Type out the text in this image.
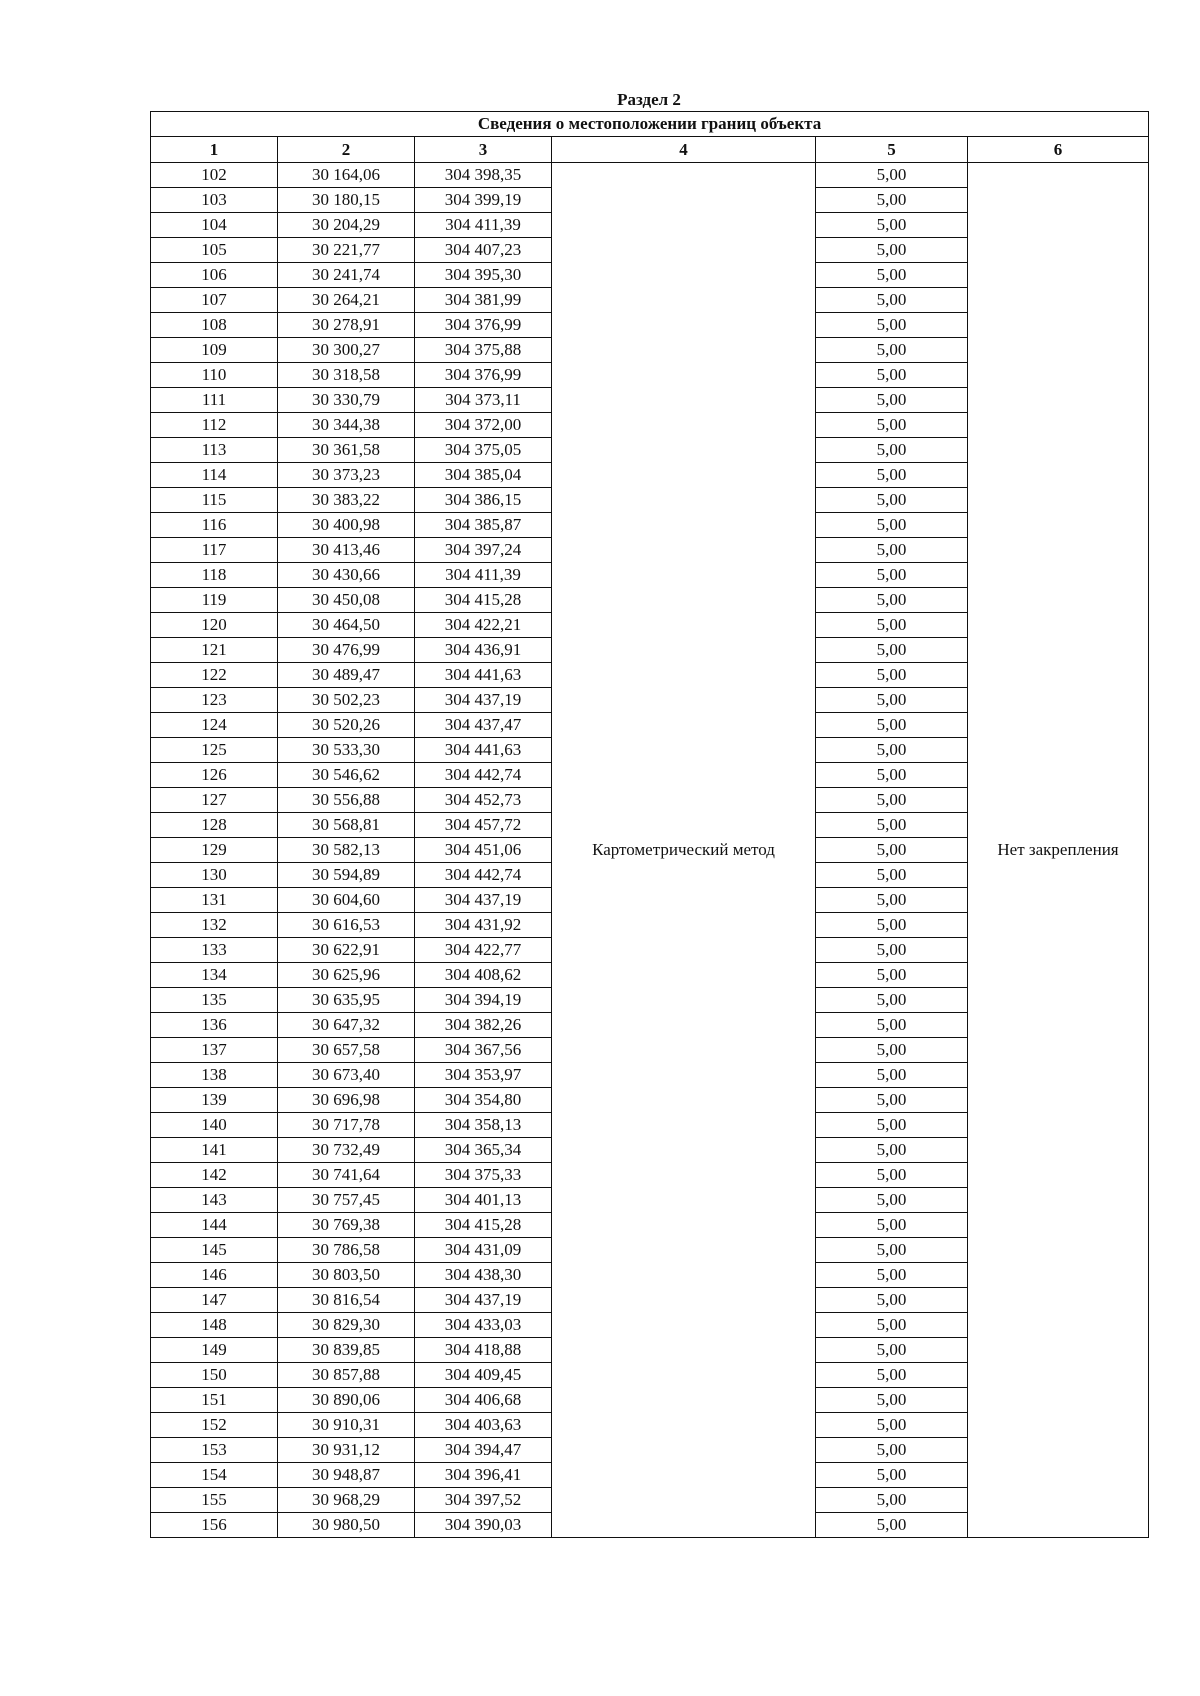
Раздел 2
Сведения о местоположении границ объекта					
1	2	3	4	5	6
102	30 164,06	304 398,35	Картометрический метод	5,00	Нет закрепления
103	30 180,15	304 399,19		5,00	
104	30 204,29	304 411,39		5,00	
105	30 221,77	304 407,23		5,00	
106	30 241,74	304 395,30		5,00	
107	30 264,21	304 381,99		5,00	
108	30 278,91	304 376,99		5,00	
109	30 300,27	304 375,88		5,00	
110	30 318,58	304 376,99		5,00	
111	30 330,79	304 373,11		5,00	
112	30 344,38	304 372,00		5,00	
113	30 361,58	304 375,05		5,00	
114	30 373,23	304 385,04		5,00	
115	30 383,22	304 386,15		5,00	
116	30 400,98	304 385,87		5,00	
117	30 413,46	304 397,24		5,00	
118	30 430,66	304 411,39		5,00	
119	30 450,08	304 415,28		5,00	
120	30 464,50	304 422,21		5,00	
121	30 476,99	304 436,91		5,00	
122	30 489,47	304 441,63		5,00	
123	30 502,23	304 437,19		5,00	
124	30 520,26	304 437,47		5,00	
125	30 533,30	304 441,63		5,00	
126	30 546,62	304 442,74		5,00	
127	30 556,88	304 452,73		5,00	
128	30 568,81	304 457,72		5,00	
129	30 582,13	304 451,06		5,00	
130	30 594,89	304 442,74		5,00	
131	30 604,60	304 437,19		5,00	
132	30 616,53	304 431,92		5,00	
133	30 622,91	304 422,77		5,00	
134	30 625,96	304 408,62		5,00	
135	30 635,95	304 394,19		5,00	
136	30 647,32	304 382,26		5,00	
137	30 657,58	304 367,56		5,00	
138	30 673,40	304 353,97		5,00	
139	30 696,98	304 354,80		5,00	
140	30 717,78	304 358,13		5,00	
141	30 732,49	304 365,34		5,00	
142	30 741,64	304 375,33		5,00	
143	30 757,45	304 401,13		5,00	
144	30 769,38	304 415,28		5,00	
145	30 786,58	304 431,09		5,00	
146	30 803,50	304 438,30		5,00	
147	30 816,54	304 437,19		5,00	
148	30 829,30	304 433,03		5,00	
149	30 839,85	304 418,88		5,00	
150	30 857,88	304 409,45		5,00	
151	30 890,06	304 406,68		5,00	
152	30 910,31	304 403,63		5,00	
153	30 931,12	304 394,47		5,00	
154	30 948,87	304 396,41		5,00	
155	30 968,29	304 397,52		5,00	
156	30 980,50	304 390,03		5,00	
